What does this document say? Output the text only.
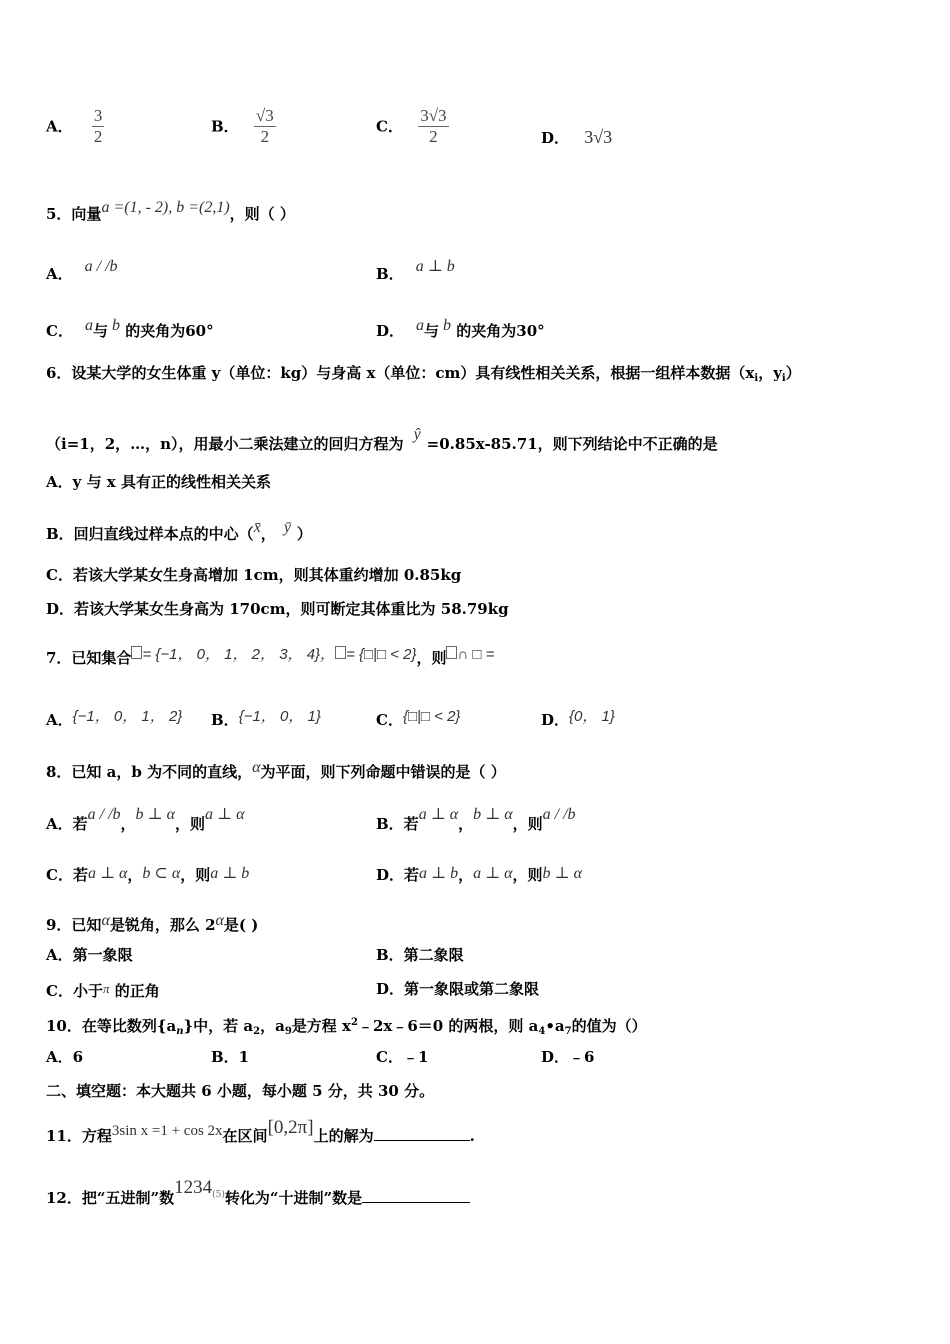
A． $\frac{3}{2}$	B． $\frac{√3}{2}$	C． $\frac{3√3}{2}$	D． 3√3
5．向量a =(1, - 2), b =(2,1)，则（ ）
A． a / /b	B． a ⊥ b
C． a与 b 的夹角为60°	D． a与 b 的夹角为30°
6．设某大学的女生体重 y（单位：kg）与身高 x（单位：cm）具有线性相关关系，根据一组样本数据（$x_i$，$y_i$）
（i=1，2，…，n），用最小二乘法建立的回归方程为ŷ=0.85x-85.71，则下列结论中不正确的是
A．y 与 x 具有正的线性相关关系
B．回归直线过样本点的中心（x̄， ȳ ）
C．若该大学某女生身高增加 1cm，则其体重约增加 0.85kg
D．若该大学某女生身高为 170cm，则可断定其体重比为 58.79kg
7．已知集合 = {−1， 0， 1， 2， 3， 4}， = {□|□ < 2}，则 ∩ □ =
A．{−1， 0， 1， 2} B．{−1， 0， 1}	C．{□|□ < 2}	D．{0， 1}
8．已知 a，b 为不同的直线，α为平面，则下列命题中错误的是（ ）
A．若a / /b，b ⊥ α，则a ⊥ α
B．若a ⊥ α，b ⊥ α，则a / /b
C．若a ⊥ α，b ⊂ α，则a ⊥ b	D．若a ⊥ b，a ⊥ α，则b ⊥ α
9．已知α是锐角，那么 2α是( )
A．第一象限	B．第二象限
C．小于π 的正角	D．第一象限或第二象限
10．在等比数列$\{a_n\}$中，若 $a_2$，$a_9$是方程 $x^2﹣2x﹣6=0$ 的两根，则 $a_4•a_7$的值为（）
A．6	B．1	C．﹣1	D．﹣6
二、填空题：本大题共 6 小题，每小题 5 分，共 30 分。
11．方程3sin x =1 + cos 2x在区间[0,2π]上的解为	.
12．把“五进制”数1234$^{(5)}$转化为“十进制”数是
